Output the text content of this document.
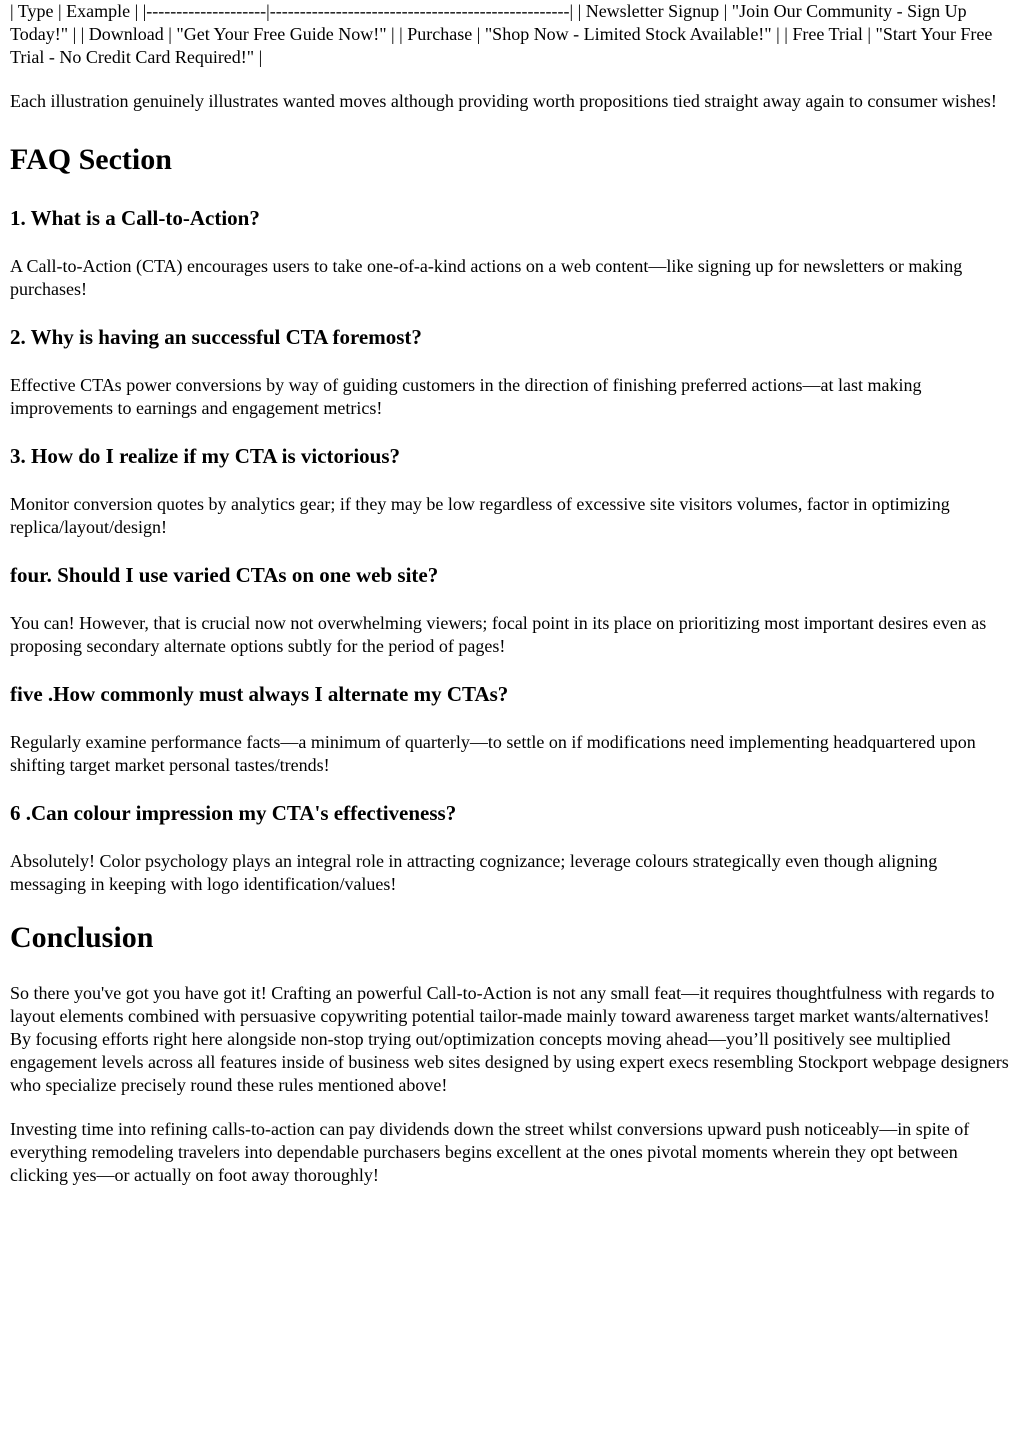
| Type | Example | |--------------------|--------------------------------------------------| | Newsletter Signup | "Join Our Community - Sign Up Today!" | | Download | "Get Your Free Guide Now!" | | Purchase | "Shop Now - Limited Stock Available!" | | Free Trial | "Start Your Free Trial - No Credit Card Required!" |

Each illustration genuinely illustrates wanted moves although providing worth propositions tied straight away again to consumer wishes!

FAQ Section
1. What is a Call-to-Action?

A Call-to-Action (CTA) encourages users to take one-of-a-kind actions on a web content—like signing up for newsletters or making purchases!

2. Why is having an successful CTA foremost?

Effective CTAs power conversions by way of guiding customers in the direction of finishing preferred actions—at last making improvements to earnings and engagement metrics!

3. How do I realize if my CTA is victorious?

Monitor conversion quotes by analytics gear; if they may be low regardless of excessive site visitors volumes, factor in optimizing replica/layout/design!

four. Should I use varied CTAs on one web site?

You can! However, that is crucial now not overwhelming viewers; focal point in its place on prioritizing most important desires even as proposing secondary alternate options subtly for the period of pages!

five .How commonly must always I alternate my CTAs?

Regularly examine performance facts—a minimum of quarterly—to settle on if modifications need implementing headquartered upon shifting target market personal tastes/trends!

6 .Can colour impression my CTA's effectiveness?

Absolutely! Color psychology plays an integral role in attracting cognizance; leverage colours strategically even though aligning messaging in keeping with logo identification/values!

Conclusion

So there you've got you have got it! Crafting an powerful Call-to-Action is not any small feat—it requires thoughtfulness with regards to layout elements combined with persuasive copywriting potential tailor-made mainly toward awareness target market wants/alternatives! By focusing efforts right here alongside non-stop trying out/optimization concepts moving ahead—you’ll positively see multiplied engagement levels across all features inside of business web sites designed by using expert execs resembling Stockport webpage designers who specialize precisely round these rules mentioned above!

Investing time into refining calls-to-action can pay dividends down the street whilst conversions upward push noticeably—in spite of everything remodeling travelers into dependable purchasers begins excellent at the ones pivotal moments wherein they opt between clicking yes—or actually on foot away thoroughly!
